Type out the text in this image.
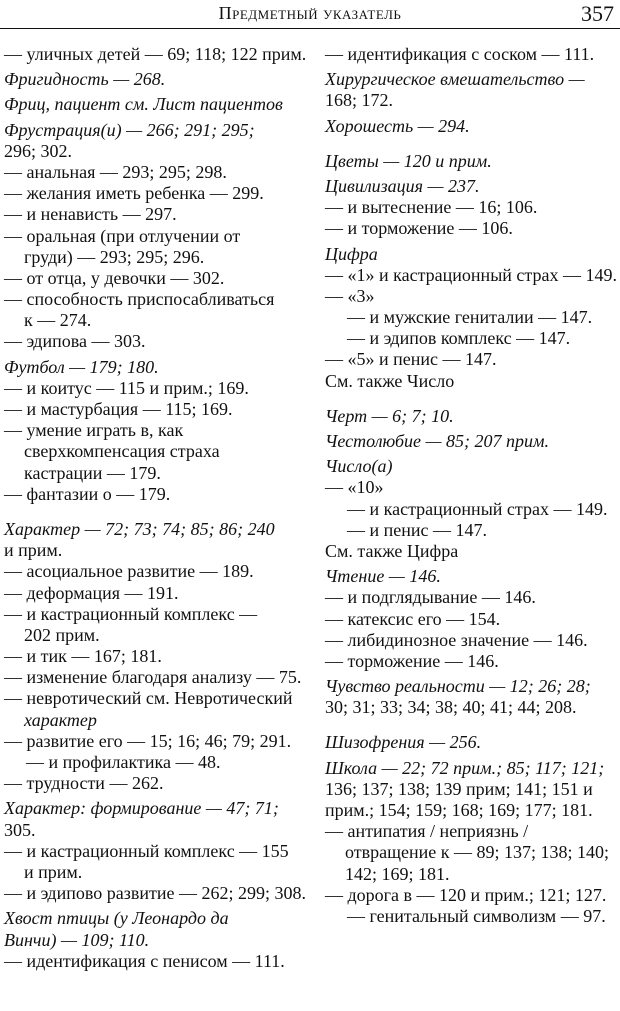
Предметный указатель	357
— уличных детей — 69; 118; 122 прим.
Фригидность — 268.
Фриц, пациент см. Лист пациентов
Фрустрация(и) — 266; 291; 295;
296; 302.
— анальная — 293; 295; 298.
— желания иметь ребенка — 299.
— и ненависть — 297.
— оральная (при отлучении от
груди) — 293; 295; 296.
— от отца, у девочки — 302.
— способность приспосабливаться
к — 274.
— эдипова — 303.
Футбол — 179; 180.
— и коитус — 115 и прим.; 169.
— и мастурбация — 115; 169.
— умение играть в, как
сверхкомпенсация страха
кастрации — 179.
— фантазии о — 179.
Характер — 72; 73; 74; 85; 86; 240
и прим.
— асоциальное развитие — 189.
— деформация — 191.
— и кастрационный комплекс —
202 прим.
— и тик — 167; 181.
— изменение благодаря анализу — 75.
— невротический см. Невротический
характер
— развитие его — 15; 16; 46; 79; 291.
— и профилактика — 48.
— трудности — 262.
Характер: формирование — 47; 71;
305.
— и кастрационный комплекс — 155
и прим.
— и эдипово развитие — 262; 299; 308.
Хвост птицы (у Леонардо да
Винчи) — 109; 110.
— идентификация с пенисом — 111.
— идентификация с соском — 111.
Хирургическое вмешательство —
168; 172.
Хорошесть — 294.
Цветы — 120 и прим.
Цивилизация — 237.
— и вытеснение — 16; 106.
— и торможение — 106.
Цифра
— «1» и кастрационный страх — 149.
— «3»
— и мужские гениталии — 147.
— и эдипов комплекс — 147.
— «5» и пенис — 147.
См. также Число
Черт — 6; 7; 10.
Честолюбие — 85; 207 прим.
Число(а)
— «10»
— и кастрационный страх — 149.
— и пенис — 147.
См. также Цифра
Чтение — 146.
— и подглядывание — 146.
— катексис его — 154.
— либидинозное значение — 146.
— торможение — 146.
Чувство реальности — 12; 26; 28;
30; 31; 33; 34; 38; 40; 41; 44; 208.
Шизофрения — 256.
Школа — 22; 72 прим.; 85; 117; 121;
136; 137; 138; 139 прим; 141; 151 и
прим.; 154; 159; 168; 169; 177; 181.
— антипатия / неприязнь /
отвращение к — 89; 137; 138; 140;
142; 169; 181.
— дорога в — 120 и прим.; 121; 127.
— генитальный символизм — 97.
